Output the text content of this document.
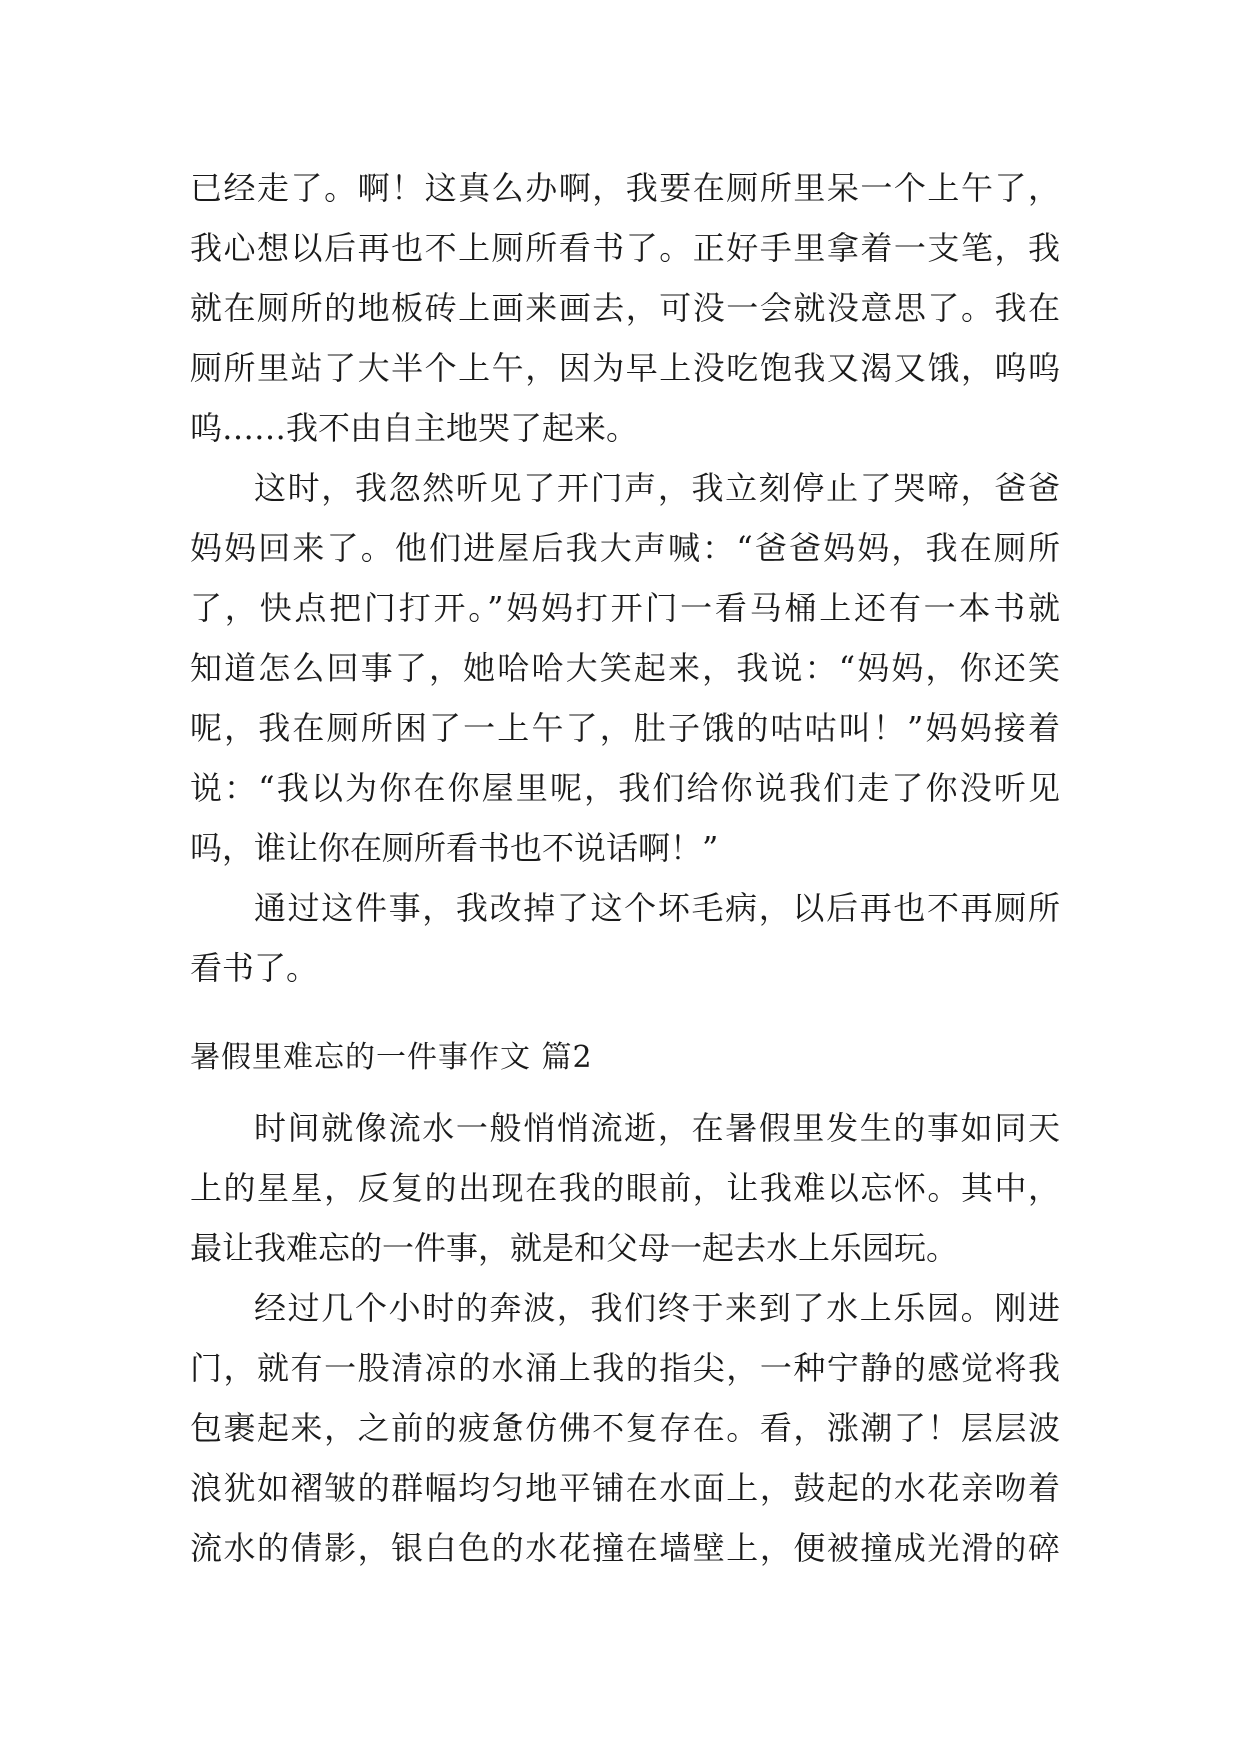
已经走了。啊！这真么办啊，我要在厕所里呆一个上午了，
我心想以后再也不上厕所看书了。正好手里拿着一支笔，我
就在厕所的地板砖上画来画去，可没一会就没意思了。我在
厕所里站了大半个上午，因为早上没吃饱我又渴又饿，呜呜
呜……我不由自主地哭了起来。
这时，我忽然听见了开门声，我立刻停止了哭啼，爸爸
妈妈回来了。他们进屋后我大声喊：“爸爸妈妈，我在厕所
了，快点把门打开。”妈妈打开门一看马桶上还有一本书就
知道怎么回事了，她哈哈大笑起来，我说：“妈妈，你还笑
呢，我在厕所困了一上午了，肚子饿的咕咕叫！”妈妈接着
说：“我以为你在你屋里呢，我们给你说我们走了你没听见
吗，谁让你在厕所看书也不说话啊！”
通过这件事，我改掉了这个坏毛病，以后再也不再厕所
看书了。
暑假里难忘的一件事作文 篇2
时间就像流水一般悄悄流逝，在暑假里发生的事如同天
上的星星，反复的出现在我的眼前，让我难以忘怀。其中，
最让我难忘的一件事，就是和父母一起去水上乐园玩。
经过几个小时的奔波，我们终于来到了水上乐园。刚进
门，就有一股清凉的水涌上我的指尖，一种宁静的感觉将我
包裹起来，之前的疲惫仿佛不复存在。看，涨潮了！层层波
浪犹如褶皱的群幅均匀地平铺在水面上，鼓起的水花亲吻着
流水的倩影，银白色的水花撞在墙壁上，便被撞成光滑的碎
